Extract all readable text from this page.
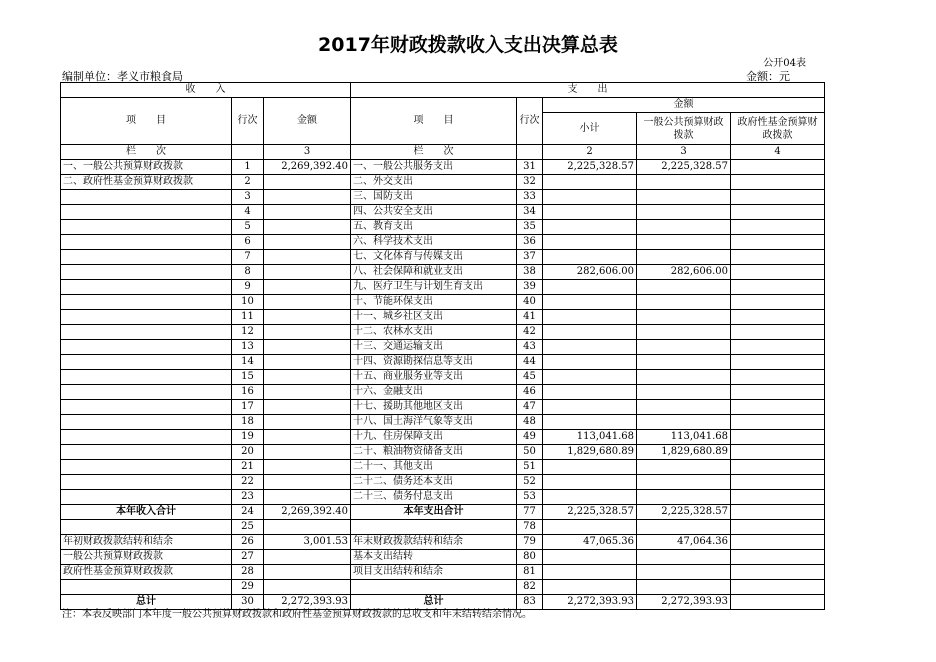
2017年财政拨款收入支出决算总表
公开04表
编制单位：孝义市粮食局	金额：元
收　　入			支　　出				
项　　目	行次	金额	项　　目	行次	金额		
					小计	一般公共预算财政拨款	政府性基金预算财政拨款
栏　　次		3	栏　　次		2	3	4
一、一般公共预算财政拨款	1	2,269,392.40	一、一般公共服务支出	31	2,225,328.57	2,225,328.57	
二、政府性基金预算财政拨款	2		二、外交支出	32			
	3		三、国防支出	33			
	4		四、公共安全支出	34			
	5		五、教育支出	35			
	6		六、科学技术支出	36			
	7		七、文化体育与传媒支出	37			
	8		八、社会保障和就业支出	38	282,606.00	282,606.00	
	9		九、医疗卫生与计划生育支出	39			
	10		十、节能环保支出	40			
	11		十一、城乡社区支出	41			
	12		十二、农林水支出	42			
	13		十三、交通运输支出	43			
	14		十四、资源勘探信息等支出	44			
	15		十五、商业服务业等支出	45			
	16		十六、金融支出	46			
	17		十七、援助其他地区支出	47			
	18		十八、国土海洋气象等支出	48			
	19		十九、住房保障支出	49	113,041.68	113,041.68	
	20		二十、粮油物资储备支出	50	1,829,680.89	1,829,680.89	
	21		二十一、其他支出	51			
	22		二十二、债务还本支出	52			
	23		二十三、债务付息支出	53			
本年收入合计	24	2,269,392.40	本年支出合计	77	2,225,328.57	2,225,328.57	
	25			78			
年初财政拨款结转和结余	26	3,001.53	年末财政拨款结转和结余	79	47,065.36	47,064.36	
一般公共预算财政拨款	27		基本支出结转	80			
政府性基金预算财政拨款	28		项目支出结转和结余	81			
	29			82			
总计	30	2,272,393.93	总计	83	2,272,393.93	2,272,393.93	
注：本表反映部门本年度一般公共预算财政拨款和政府性基金预算财政拨款的总收支和年末结转结余情况。
